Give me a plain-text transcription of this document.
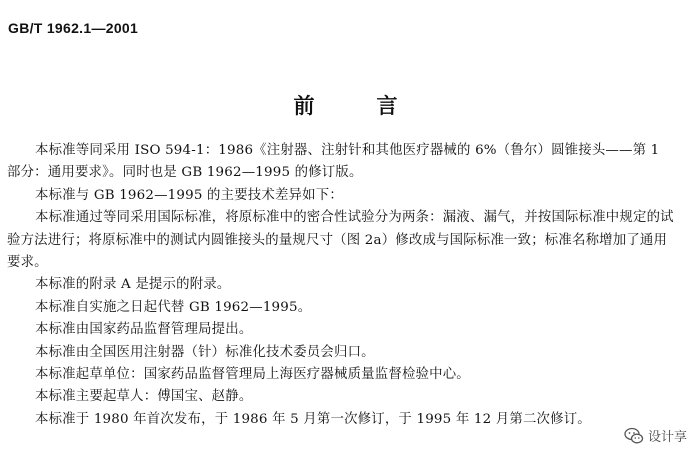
GB/T 1962.1—2001
前	言

本标准等同采用 ISO 594-1：1986《注射器、注射针和其他医疗器械的 6%（鲁尔）圆锥接头——第 1 部分：通用要求》。同时也是 GB 1962—1995 的修订版。

本标准与 GB 1962—1995 的主要技术差异如下：

本标准通过等同采用国际标准，将原标准中的密合性试验分为两条：漏液、漏气，并按国际标准中规定的试验方法进行；将原标准中的测试内圆锥接头的量规尺寸（图 2a）修改成与国际标准一致；标准名称增加了通用要求。

本标准的附录 A 是提示的附录。

本标准自实施之日起代替 GB 1962—1995。

本标准由国家药品监督管理局提出。

本标准由全国医用注射器（针）标准化技术委员会归口。

本标准起草单位：国家药品监督管理局上海医疗器械质量监督检验中心。

本标准主要起草人：傅国宝、赵静。

本标准于 1980 年首次发布，于 1986 年 5 月第一次修订，于 1995 年 12 月第二次修订。

设计享
